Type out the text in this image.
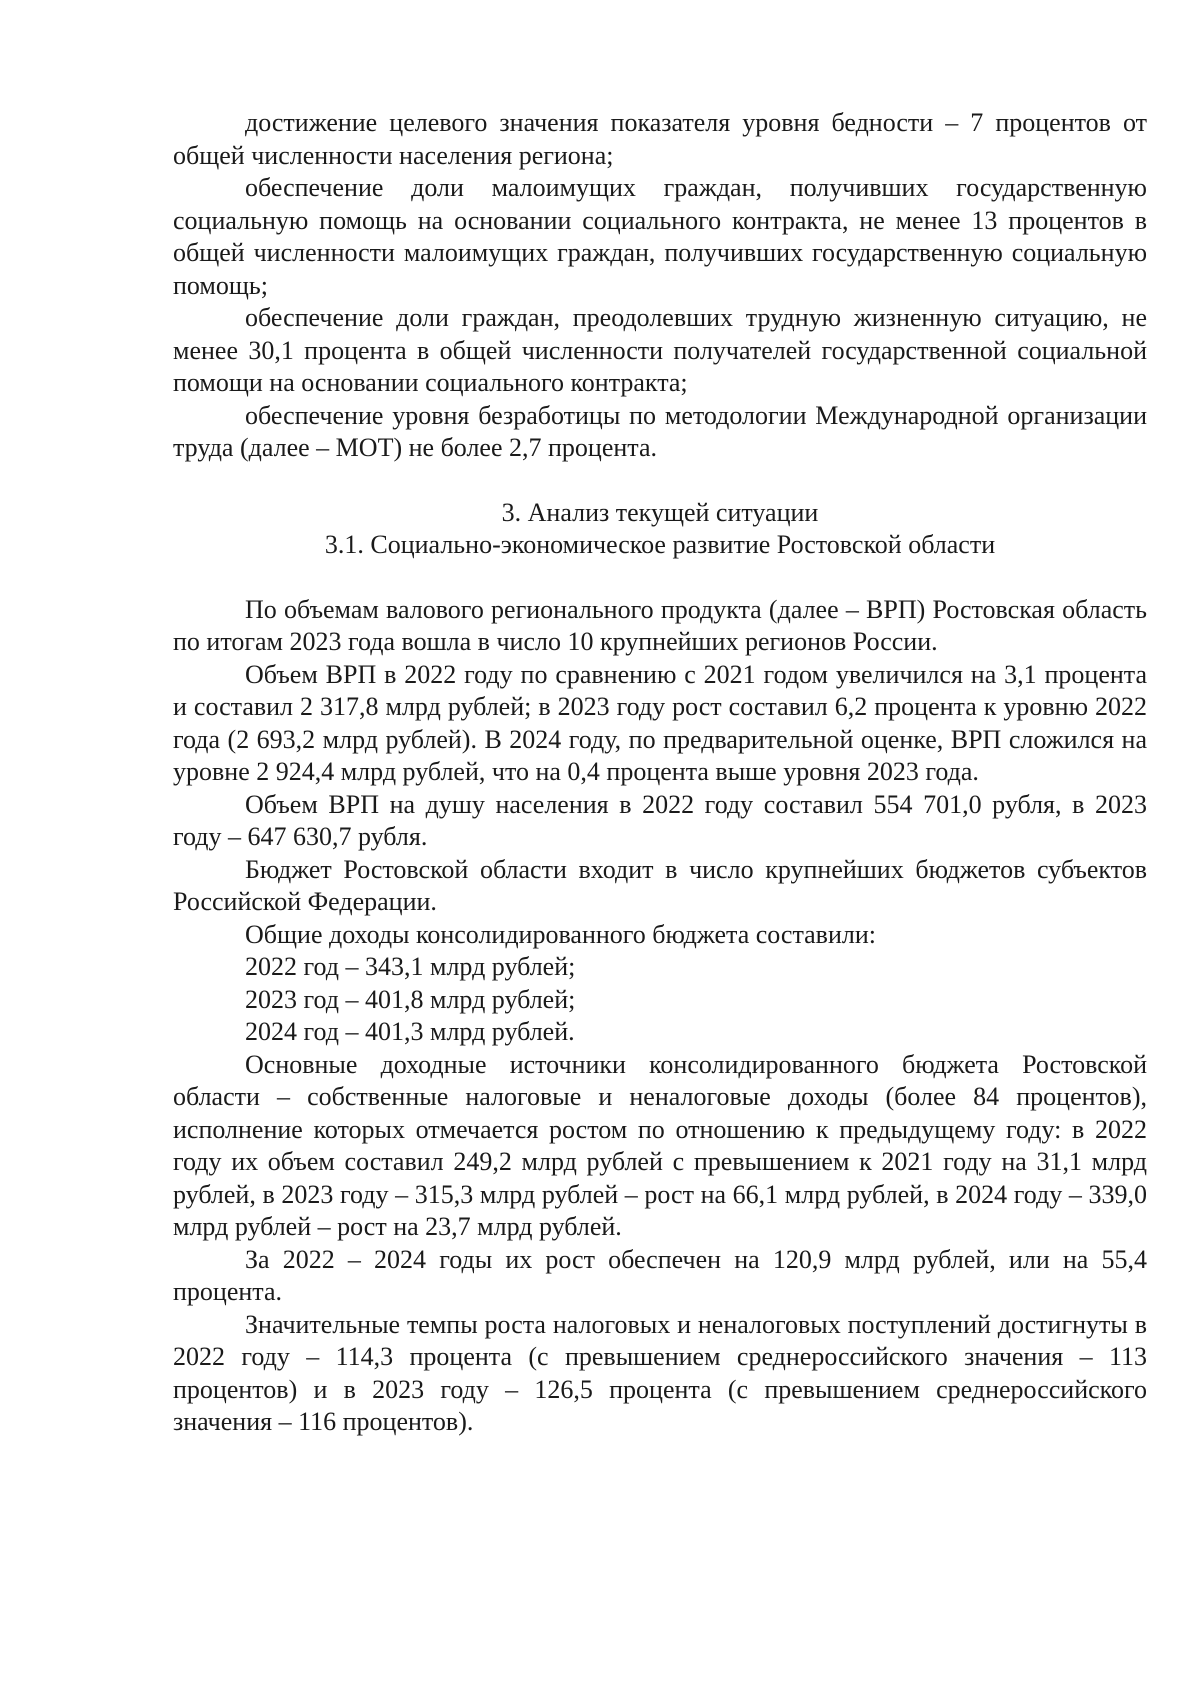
достижение целевого значения показателя уровня бедности – 7 процентов от общей численности населения региона;

обеспечение доли малоимущих граждан, получивших государственную социальную помощь на основании социального контракта, не менее 13 процентов в общей численности малоимущих граждан, получивших государственную социальную помощь;

обеспечение доли граждан, преодолевших трудную жизненную ситуацию, не менее 30,1 процента в общей численности получателей государственной социальной помощи на основании социального контракта;

обеспечение уровня безработицы по методологии Международной организации труда (далее – МОТ) не более 2,7 процента.

3. Анализ текущей ситуации

3.1. Социально-экономическое развитие Ростовской области

По объемам валового регионального продукта (далее – ВРП) Ростовская область по итогам 2023 года вошла в число 10 крупнейших регионов России.

Объем ВРП в 2022 году по сравнению с 2021 годом увеличился на 3,1 процента и составил 2 317,8 млрд рублей; в 2023 году рост составил 6,2 процента к уровню 2022 года (2 693,2 млрд рублей). В 2024 году, по предварительной оценке, ВРП сложился на уровне 2 924,4 млрд рублей, что на 0,4 процента выше уровня 2023 года.

Объем ВРП на душу населения в 2022 году составил 554 701,0 рубля, в 2023 году – 647 630,7 рубля.

Бюджет Ростовской области входит в число крупнейших бюджетов субъектов Российской Федерации.

Общие доходы консолидированного бюджета составили:

2022 год – 343,1 млрд рублей;

2023 год – 401,8 млрд рублей;

2024 год – 401,3 млрд рублей.

Основные доходные источники консолидированного бюджета Ростовской области – собственные налоговые и неналоговые доходы (более 84 процентов), исполнение которых отмечается ростом по отношению к предыдущему году: в 2022 году их объем составил 249,2 млрд рублей с превышением к 2021 году на 31,1 млрд рублей, в 2023 году – 315,3 млрд рублей – рост на 66,1 млрд рублей, в 2024 году – 339,0 млрд рублей – рост на 23,7 млрд рублей.

За 2022 – 2024 годы их рост обеспечен на 120,9 млрд рублей, или на 55,4 процента.

Значительные темпы роста налоговых и неналоговых поступлений достигнуты в 2022 году – 114,3 процента (с превышением среднероссийского значения – 113 процентов) и в 2023 году – 126,5 процента (с превышением среднероссийского значения – 116 процентов).
